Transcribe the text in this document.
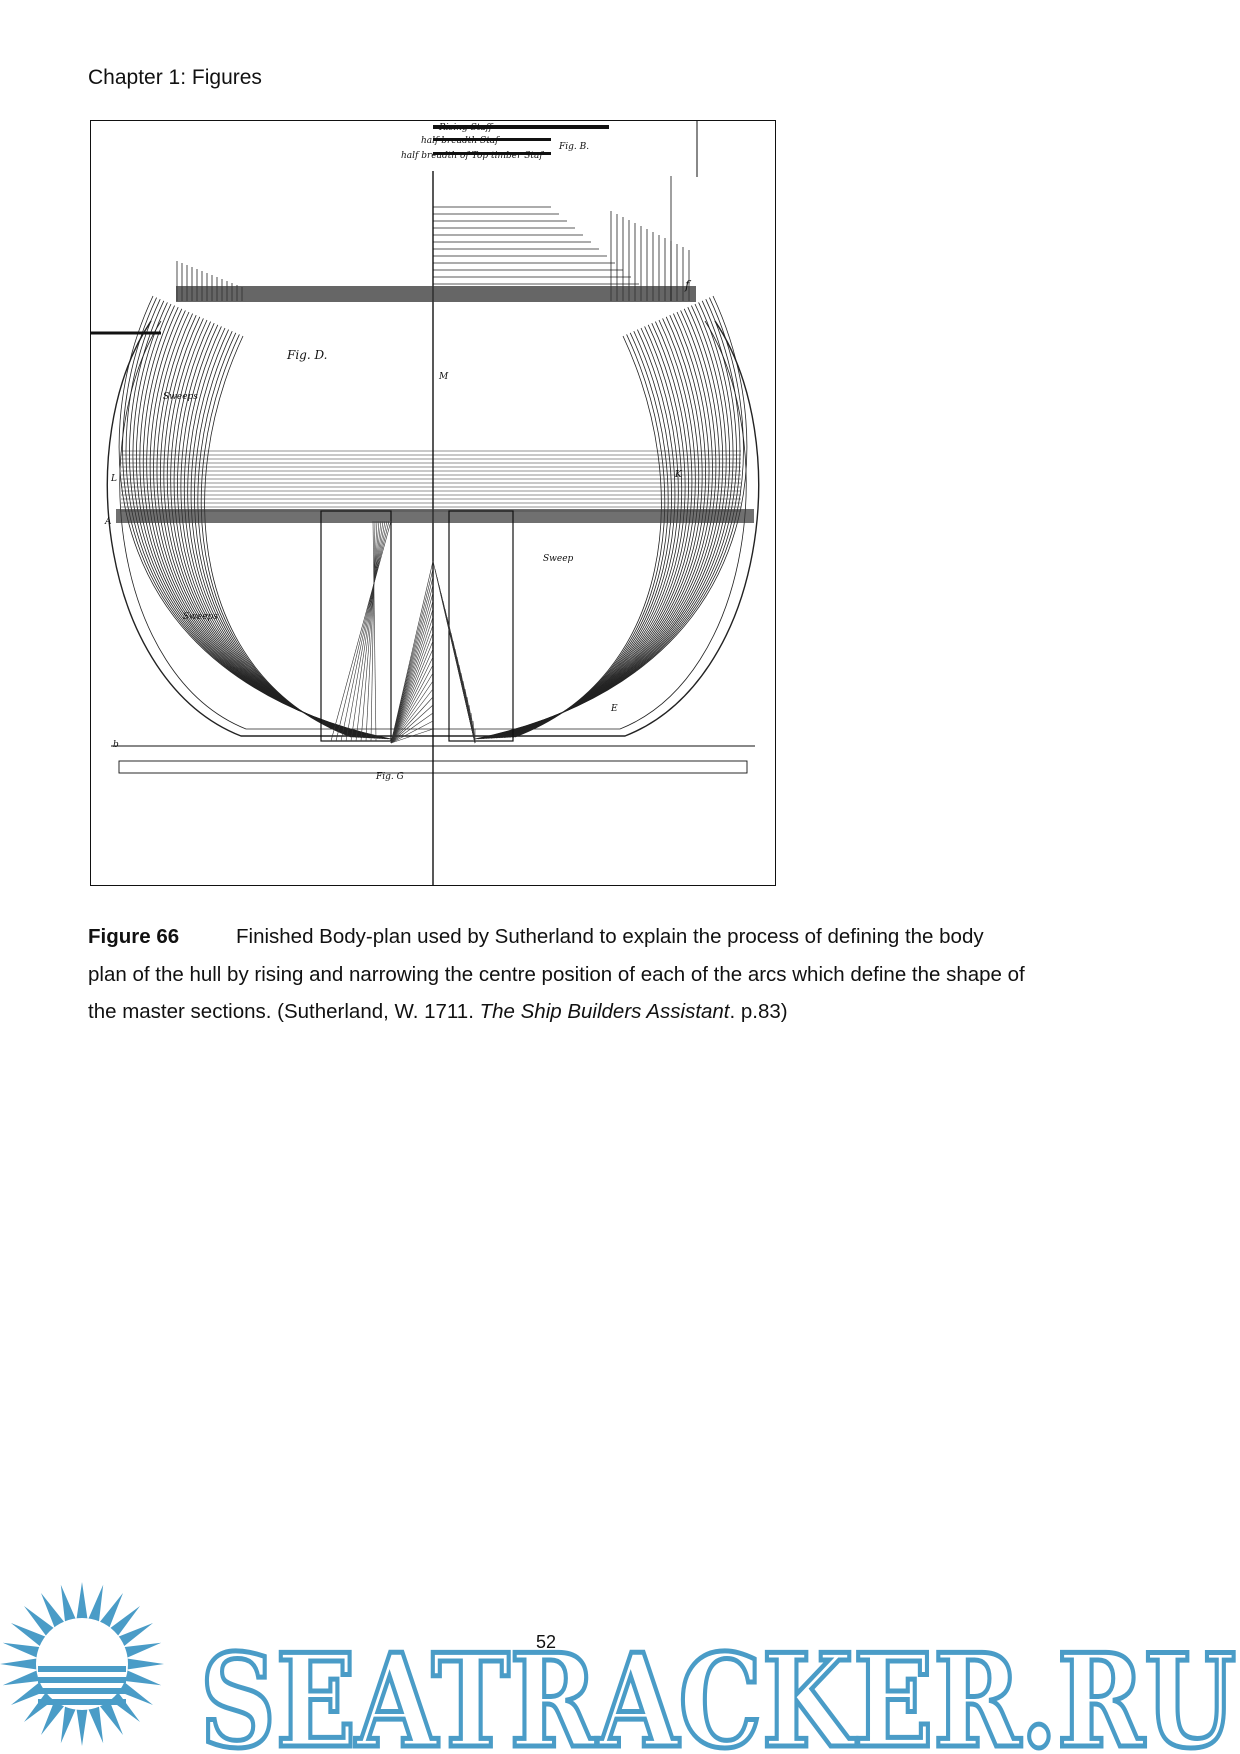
Chapter 1: Figures
Rising Staff
half breadth Staf
half breadth of Top timber Staf
Fig. B.
Fig. D.
Fig. G
Sweeps
Sweep
Sweeps
A
E
f
K
L
b
M
Figure 66	Finished Body-plan used by Sutherland to explain the process of defining the body plan of the hull by rising and narrowing the centre position of each of the arcs which define the shape of the master sections. (Sutherland, W. 1711. The Ship Builders Assistant. p.83)
SEATRACKER.RU
52
